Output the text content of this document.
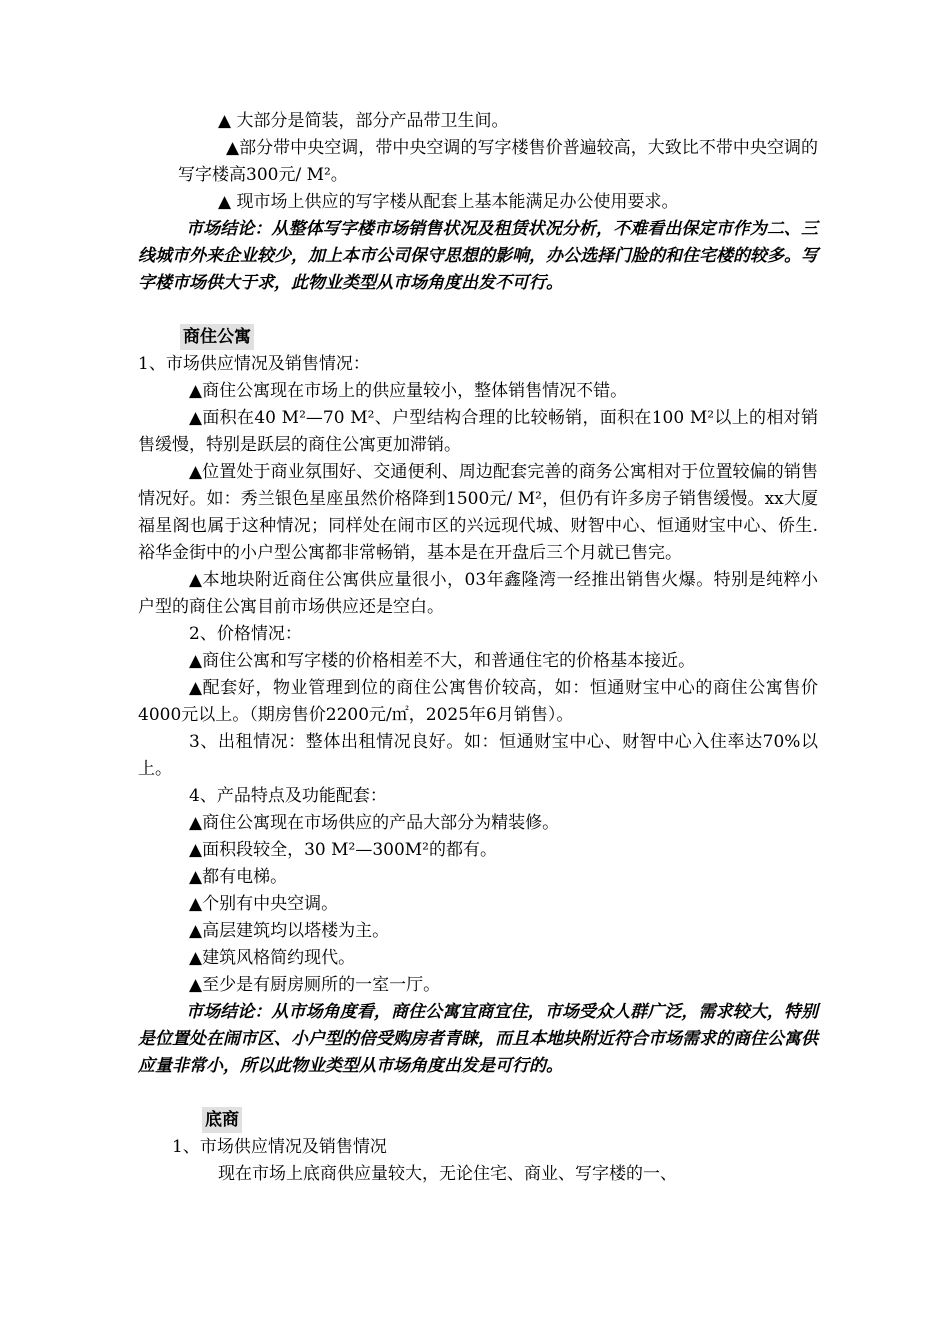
▲ 大部分是简装，部分产品带卫生间。

▲部分带中央空调，带中央空调的写字楼售价普遍较高，大致比不带中央空调的写字楼高300元/ M²。

▲ 现市场上供应的写字楼从配套上基本能满足办公使用要求。

市场结论：从整体写字楼市场销售状况及租赁状况分析，不难看出保定市作为二、三线城市外来企业较少，加上本市公司保守思想的影响，办公选择门脸的和住宅楼的较多。写字楼市场供大于求，此物业类型从市场角度出发不可行。

商住公寓

1、市场供应情况及销售情况：

▲商住公寓现在市场上的供应量较小，整体销售情况不错。

▲面积在40 M²—70 M²、户型结构合理的比较畅销，面积在100 M²以上的相对销售缓慢，特别是跃层的商住公寓更加滞销。

▲位置处于商业氛围好、交通便利、周边配套完善的商务公寓相对于位置较偏的销售情况好。如：秀兰银色星座虽然价格降到1500元/ M²，但仍有许多房子销售缓慢。xx大厦福星阁也属于这种情况；同样处在闹市区的兴远现代城、财智中心、恒通财宝中心、侨生.裕华金街中的小户型公寓都非常畅销，基本是在开盘后三个月就已售完。

▲本地块附近商住公寓供应量很小，03年鑫隆湾一经推出销售火爆。特别是纯粹小户型的商住公寓目前市场供应还是空白。

2、价格情况：

▲商住公寓和写字楼的价格相差不大，和普通住宅的价格基本接近。

▲配套好，物业管理到位的商住公寓售价较高，如：恒通财宝中心的商住公寓售价4000元以上。（期房售价2200元/㎡，2025年6月销售）。

3、出租情况：整体出租情况良好。如：恒通财宝中心、财智中心入住率达70%以上。

4、产品特点及功能配套：

▲商住公寓现在市场供应的产品大部分为精装修。

▲面积段较全，30 M²—300M²的都有。

▲都有电梯。

▲个别有中央空调。

▲高层建筑均以塔楼为主。

▲建筑风格简约现代。

▲至少是有厨房厕所的一室一厅。

市场结论：从市场角度看，商住公寓宜商宜住，市场受众人群广泛，需求较大，特别是位置处在闹市区、小户型的倍受购房者青睐，而且本地块附近符合市场需求的商住公寓供应量非常小，所以此物业类型从市场角度出发是可行的。

底商

1、市场供应情况及销售情况

现在市场上底商供应量较大，无论住宅、商业、写字楼的一、
